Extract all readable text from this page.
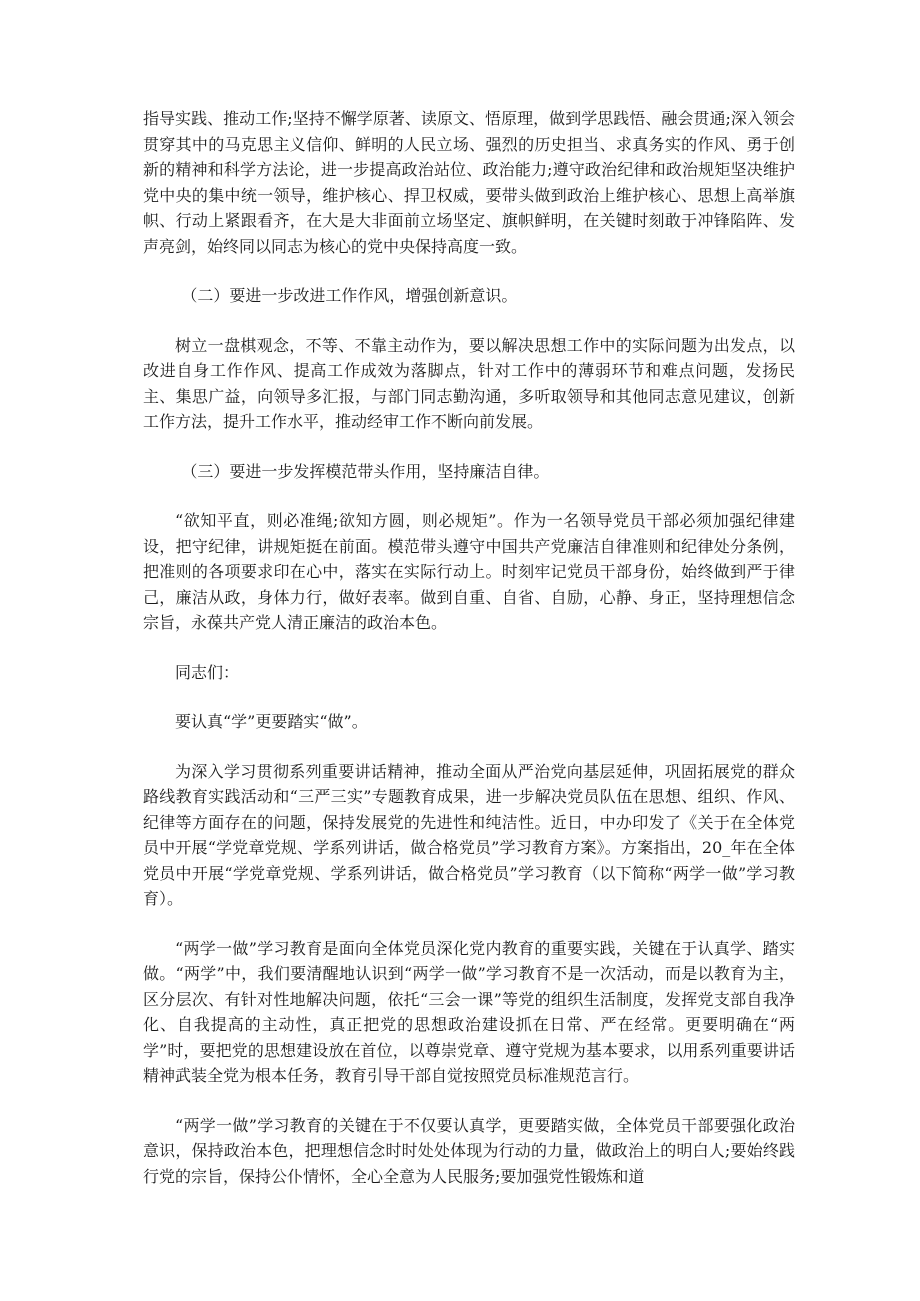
指导实践、推动工作;坚持不懈学原著、读原文、悟原理，做到学思践悟、融会贯通;深入领会贯穿其中的马克思主义信仰、鲜明的人民立场、强烈的历史担当、求真务实的作风、勇于创新的精神和科学方法论，进一步提高政治站位、政治能力;遵守政治纪律和政治规矩坚决维护党中央的集中统一领导，维护核心、捍卫权威，要带头做到政治上维护核心、思想上高举旗帜、行动上紧跟看齐，在大是大非面前立场坚定、旗帜鲜明，在关键时刻敢于冲锋陷阵、发声亮剑，始终同以同志为核心的党中央保持高度一致。

（二）要进一步改进工作作风，增强创新意识。

树立一盘棋观念，不等、不靠主动作为，要以解决思想工作中的实际问题为出发点，以改进自身工作作风、提高工作成效为落脚点，针对工作中的薄弱环节和难点问题，发扬民主、集思广益，向领导多汇报，与部门同志勤沟通，多听取领导和其他同志意见建议，创新工作方法，提升工作水平，推动经审工作不断向前发展。

（三）要进一步发挥模范带头作用，坚持廉洁自律。

“欲知平直，则必准绳;欲知方圆，则必规矩”。作为一名领导党员干部必须加强纪律建设，把守纪律，讲规矩挺在前面。模范带头遵守中国共产党廉洁自律准则和纪律处分条例，把准则的各项要求印在心中，落实在实际行动上。时刻牢记党员干部身份，始终做到严于律己，廉洁从政，身体力行，做好表率。做到自重、自省、自励，心静、身正，坚持理想信念宗旨，永葆共产党人清正廉洁的政治本色。

同志们：

要认真“学”更要踏实“做”。

为深入学习贯彻系列重要讲话精神，推动全面从严治党向基层延伸，巩固拓展党的群众路线教育实践活动和“三严三实”专题教育成果，进一步解决党员队伍在思想、组织、作风、纪律等方面存在的问题，保持发展党的先进性和纯洁性。近日，中办印发了《关于在全体党员中开展“学党章党规、学系列讲话，做合格党员”学习教育方案》。方案指出，20_年在全体党员中开展“学党章党规、学系列讲话，做合格党员”学习教育（以下简称“两学一做”学习教育）。

“两学一做”学习教育是面向全体党员深化党内教育的重要实践，关键在于认真学、踏实做。“两学”中，我们要清醒地认识到“两学一做”学习教育不是一次活动，而是以教育为主，区分层次、有针对性地解决问题，依托“三会一课”等党的组织生活制度，发挥党支部自我净化、自我提高的主动性，真正把党的思想政治建设抓在日常、严在经常。更要明确在“两学”时，要把党的思想建设放在首位，以尊崇党章、遵守党规为基本要求，以用系列重要讲话精神武装全党为根本任务，教育引导干部自觉按照党员标准规范言行。

“两学一做”学习教育的关键在于不仅要认真学，更要踏实做，全体党员干部要强化政治意识，保持政治本色，把理想信念时时处处体现为行动的力量，做政治上的明白人;要始终践行党的宗旨，保持公仆情怀，全心全意为人民服务;要加强党性锻炼和道
